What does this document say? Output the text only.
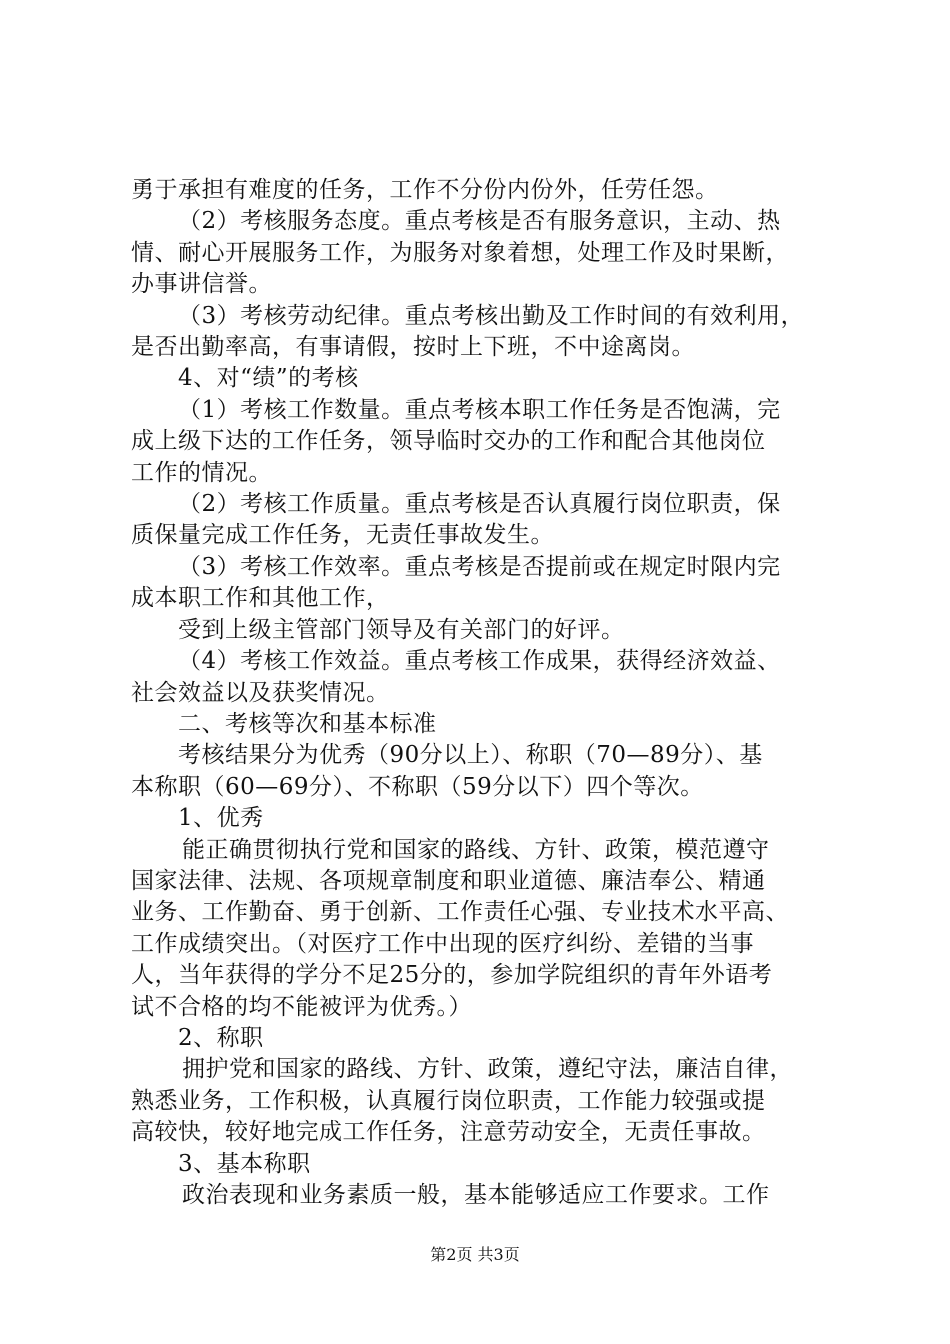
勇于承担有难度的任务，工作不分份内份外，任劳任怨。
（2）考核服务态度。重点考核是否有服务意识，主动、热
情、耐心开展服务工作，为服务对象着想，处理工作及时果断，
办事讲信誉。
（3）考核劳动纪律。重点考核出勤及工作时间的有效利用，
是否出勤率高，有事请假，按时上下班，不中途离岗。
4、对“绩”的考核
（1）考核工作数量。重点考核本职工作任务是否饱满，完
成上级下达的工作任务，领导临时交办的工作和配合其他岗位
工作的情况。
（2）考核工作质量。重点考核是否认真履行岗位职责，保
质保量完成工作任务，无责任事故发生。
（3）考核工作效率。重点考核是否提前或在规定时限内完
成本职工作和其他工作，
受到上级主管部门领导及有关部门的好评。
（4）考核工作效益。重点考核工作成果，获得经济效益、
社会效益以及获奖情况。
二、考核等次和基本标准
考核结果分为优秀（90分以上）、称职（70—89分）、基
本称职（60—69分）、不称职（59分以下）四个等次。
1、优秀
能正确贯彻执行党和国家的路线、方针、政策，模范遵守
国家法律、法规、各项规章制度和职业道德、廉洁奉公、精通
业务、工作勤奋、勇于创新、工作责任心强、专业技术水平高、
工作成绩突出。（对医疗工作中出现的医疗纠纷、差错的当事
人，当年获得的学分不足25分的，参加学院组织的青年外语考
试不合格的均不能被评为优秀。）
2、称职
拥护党和国家的路线、方针、政策，遵纪守法，廉洁自律，
熟悉业务，工作积极，认真履行岗位职责，工作能力较强或提
高较快，较好地完成工作任务，注意劳动安全，无责任事故。
3、基本称职
政治表现和业务素质一般，基本能够适应工作要求。工作
第2页 共3页
